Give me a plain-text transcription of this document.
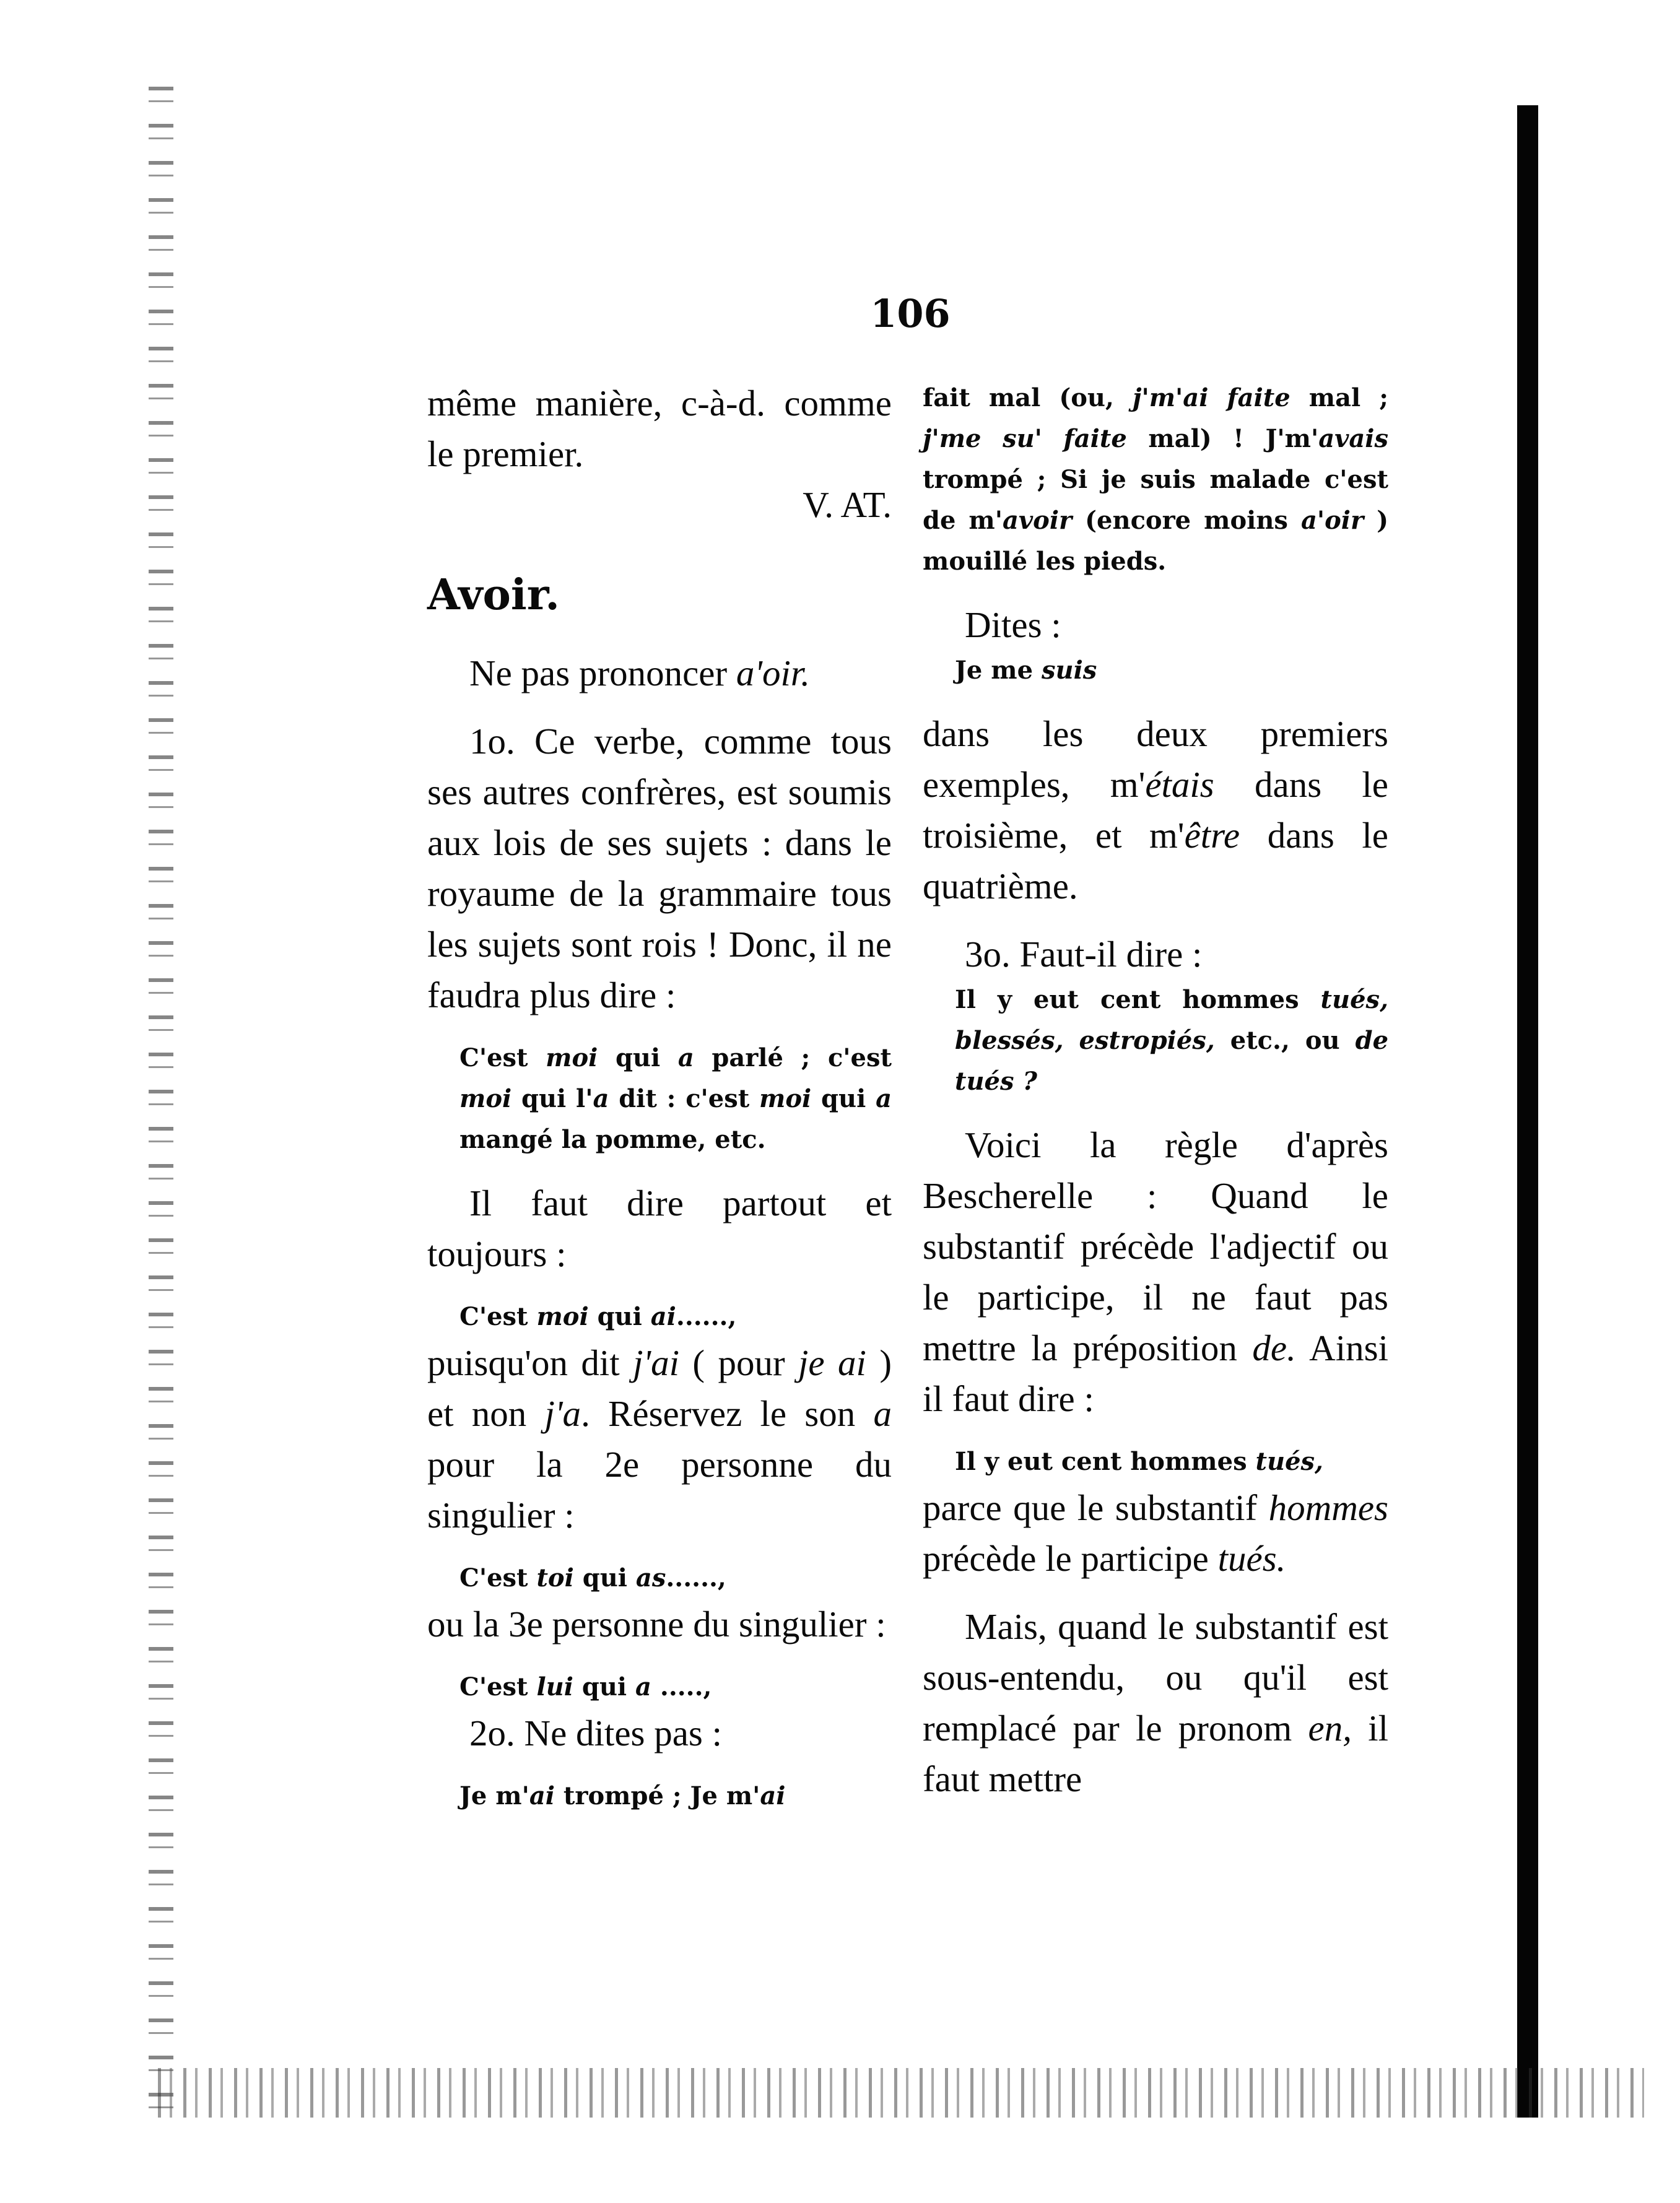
106

même manière, c-à-d. comme le premier.

V. AT.

Avoir.

Ne pas prononcer a'oir.

1o. Ce verbe, comme tous ses autres confrères, est soumis aux lois de ses sujets : dans le royaume de la grammaire tous les sujets sont rois ! Donc, il ne faudra plus dire :

C'est moi qui a parlé ; c'est moi qui l'a dit : c'est moi qui a mangé la pomme, etc.

Il faut dire partout et toujours :

C'est moi qui ai......,

puisqu'on dit j'ai ( pour je ai ) et non j'a. Réservez le son a pour la 2e personne du singulier :

C'est toi qui as......,

ou la 3e personne du singulier :

C'est lui qui a .....,

2o. Ne dites pas :

Je m'ai trompé ; Je m'ai

fait mal (ou, j'm'ai faite mal ; j'me su' faite mal) ! J'm'avais trompé ; Si je suis malade c'est de m'avoir (encore moins a'oir ) mouillé les pieds.

Dites :

Je me suis

dans les deux premiers exemples, m'étais dans le troisième, et m'être dans le quatrième.

3o. Faut-il dire :

Il y eut cent hommes tués, blessés, estropiés, etc., ou de tués ?

Voici la règle d'après Bescherelle : Quand le substantif précède l'adjectif ou le participe, il ne faut pas mettre la préposition de. Ainsi il faut dire :

Il y eut cent hommes tués,

parce que le substantif hommes précède le participe tués.

Mais, quand le substantif est sous-entendu, ou qu'il est remplacé par le pronom en, il faut mettre
